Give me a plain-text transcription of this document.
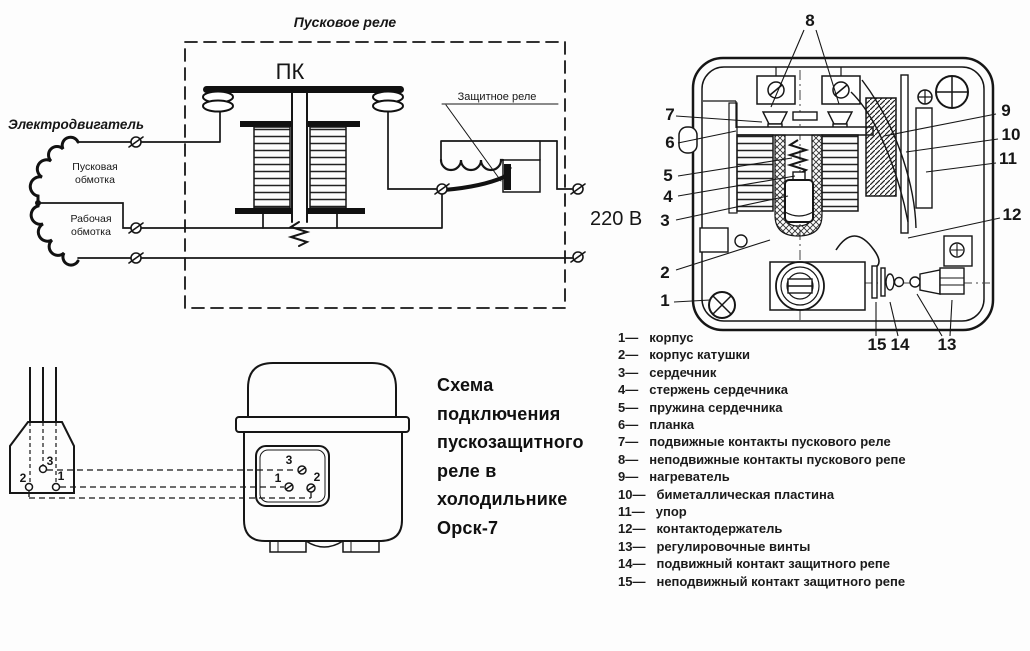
Пусковое реле
Электродвигатель
Пусковая
обмотка
Рабочая
обмотка
ПК
Защитное реле
220 В
1
2
3
4
5
6
7
8
9
10
11
12
13
14
15
3
2	1
3
1	2
Схема
подключения
пускозащитного
реле в
холодильнике
Орск-7
1— корпус
2— корпус катушки
3— сердечник
4— стержень сердечника
5— пружина сердечника
6— планка
7— подвижные контакты пускового реле
8— неподвижные контакты пускового репе
9— нагреватель
10— биметаллическая пластина
11— упор
12— контактодержатель
13— регулировочные винты
14— подвижный контакт защитного репе
15— неподвижный контакт защитного репе
